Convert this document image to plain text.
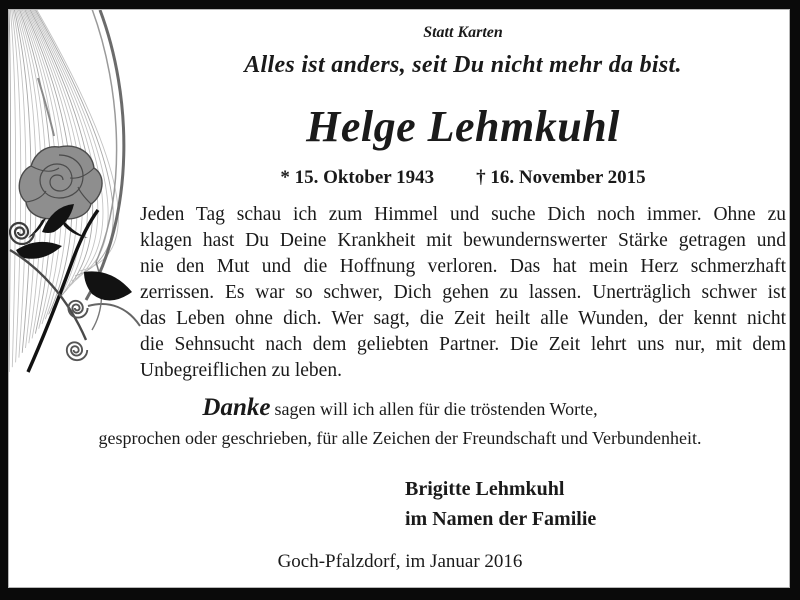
Statt Karten
Alles ist anders, seit Du nicht mehr da bist.
Helge Lehmkuhl
* 15. Oktober 1943 † 16. November 2015
Jeden Tag schau ich zum Himmel und suche Dich noch immer. Ohne zu
klagen hast Du Deine Krankheit mit bewundernswerter Stärke getragen und
nie den Mut und die Hoffnung verloren. Das hat mein Herz schmerzhaft
zerrissen. Es war so schwer, Dich gehen zu lassen. Unerträglich schwer ist
das Leben ohne dich. Wer sagt, die Zeit heilt alle Wunden, der kennt nicht
die Sehnsucht nach dem geliebten Partner. Die Zeit lehrt uns nur, mit dem
Unbegreiflichen zu leben.
Danke sagen will ich allen für die tröstenden Worte,
gesprochen oder geschrieben, für alle Zeichen der Freundschaft und Verbundenheit.
Brigitte Lehmkuhl
im Namen der Familie
Goch-Pfalzdorf, im Januar 2016
